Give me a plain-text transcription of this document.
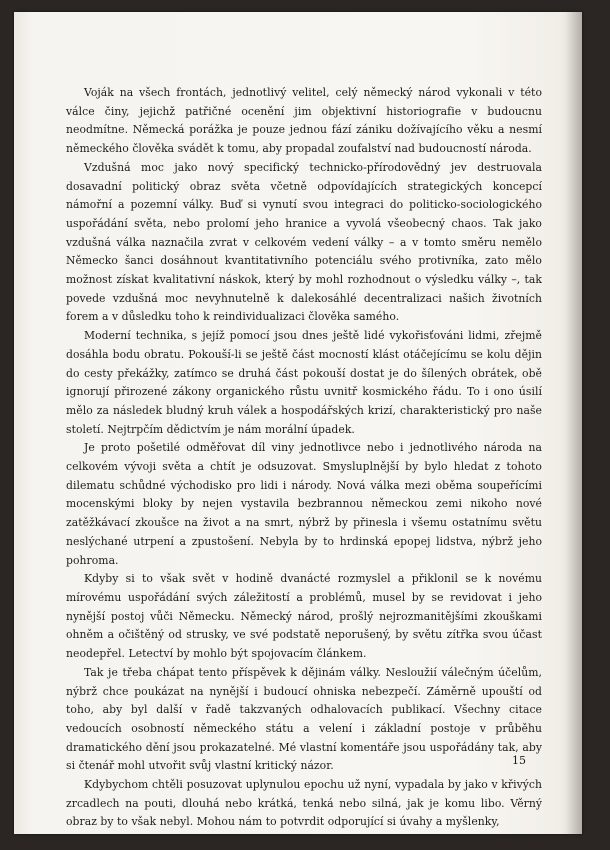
Voják na všech frontách, jednotlivý velitel, celý německý národ vykonali v této válce činy, jejichž patřičné ocenění jim objektivní historiografie v budoucnu neodmítne. Německá porážka je pouze jednou fází zániku dožívajícího věku a nesmí německého člověka svádět k tomu, aby propadal zoufalství nad budoucností národa.

Vzdušná moc jako nový specifický technicko-přírodovědný jev destruovala dosavadní politický obraz světa včetně odpovídajících strategických koncepcí námořní a pozemní války. Buď si vynutí svou integraci do politicko-sociologického uspořádání světa, nebo prolomí jeho hranice a vyvolá všeobecný chaos. Tak jako vzdušná válka naznačila zvrat v celkovém vedení války – a v tomto směru nemělo Německo šanci dosáhnout kvantitativního potenciálu svého protivníka, zato mělo možnost získat kvalitativní náskok, který by mohl rozhodnout o výsledku války –, tak povede vzdušná moc nevyhnutelně k dalekosáhlé decentralizaci našich životních forem a v důsledku toho k reindividualizaci člověka samého.

Moderní technika, s jejíž pomocí jsou dnes ještě lidé vykořisťováni lidmi, zřejmě dosáhla bodu obratu. Pokouší-li se ještě část mocností klást otáčejícímu se kolu dějin do cesty překážky, zatímco se druhá část pokouší dostat je do šílených obrátek, obě ignorují přirozené zákony organického růstu uvnitř kosmického řádu. To i ono úsilí mělo za následek bludný kruh válek a hospodářských krizí, charakteristický pro naše století. Nejtrpčím dědictvím je nám morální úpadek.

Je proto pošetilé odměřovat díl viny jednotlivce nebo i jednotlivého národa na celkovém vývoji světa a chtít je odsuzovat. Smysluplnější by bylo hledat z tohoto dilematu schůdné východisko pro lidi i národy. Nová válka mezi oběma soupeřícími mocenskými bloky by nejen vystavila bezbrannou německou zemi nikoho nové zatěžkávací zkoušce na život a na smrt, nýbrž by přinesla i všemu ostatnímu světu neslýchané utrpení a zpustošení. Nebyla by to hrdinská epopej lidstva, nýbrž jeho pohroma.

Kdyby si to však svět v hodině dvanácté rozmyslel a přiklonil se k novému mírovému uspořádání svých záležitostí a problémů, musel by se revidovat i jeho nynější postoj vůči Německu. Německý národ, prošlý nejrozmanitějšími zkouškami ohněm a očištěný od strusky, ve své podstatě neporušený, by světu zítřka svou účast neodepřel. Letectví by mohlo být spojovacím článkem.

Tak je třeba chápat tento příspěvek k dějinám války. Nesloužií válečným účelům, nýbrž chce poukázat na nynější i budoucí ohniska nebezpečí. Záměrně upouští od toho, aby byl další v řadě takzvaných odhalovacích publikací. Všechny citace vedoucích osobností německého státu a velení i základní postoje v průběhu dramatického dění jsou prokazatelné. Mé vlastní komentáře jsou uspořádány tak, aby si čtenář mohl utvořit svůj vlastní kritický názor.

Kdybychom chtěli posuzovat uplynulou epochu už nyní, vypadala by jako v křivých zrcadlech na pouti, dlouhá nebo krátká, tenká nebo silná, jak je komu libo. Věrný obraz by to však nebyl. Mohou nám to potvrdit odporující si úvahy a myšlenky,

15
